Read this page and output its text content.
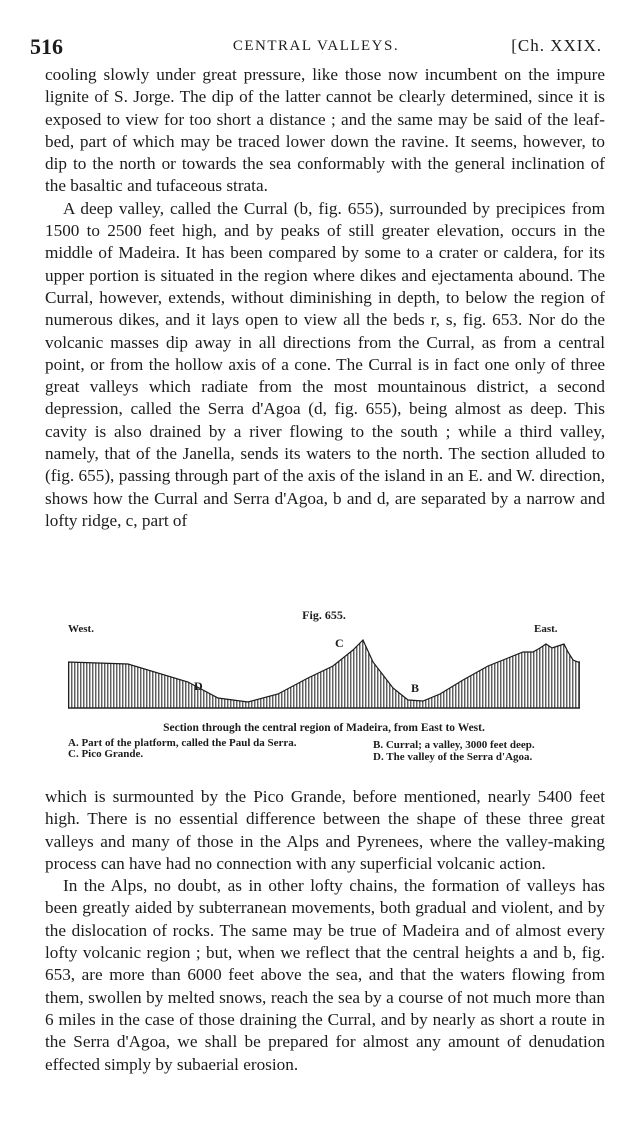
516	CENTRAL VALLEYS.	[Ch. XXIX.

cooling slowly under great pressure, like those now incumbent on the impure lignite of S. Jorge. The dip of the latter cannot be clearly determined, since it is exposed to view for too short a distance ; and the same may be said of the leaf-bed, part of which may be traced lower down the ravine. It seems, however, to dip to the north or towards the sea conformably with the general inclination of the basaltic and tufaceous strata.

A deep valley, called the Curral (b, fig. 655), surrounded by precipices from 1500 to 2500 feet high, and by peaks of still greater elevation, occurs in the middle of Madeira. It has been compared by some to a crater or caldera, for its upper portion is situated in the region where dikes and ejectamenta abound. The Curral, however, extends, without diminishing in depth, to below the region of numerous dikes, and it lays open to view all the beds r, s, fig. 653. Nor do the volcanic masses dip away in all directions from the Curral, as from a central point, or from the hollow axis of a cone. The Curral is in fact one only of three great valleys which radiate from the most mountainous district, a second depression, called the Serra d'Agoa (d, fig. 655), being almost as deep. This cavity is also drained by a river flowing to the south ; while a third valley, namely, that of the Janella, sends its waters to the north. The section alluded to (fig. 655), passing through part of the axis of the island in an E. and W. direction, shows how the Curral and Serra d'Agoa, b and d, are separated by a narrow and lofty ridge, c, part of

Fig. 655.
West.	East.
C
D	B
Section through the central region of Madeira, from East to West.
A. Part of the platform, called the Paul da Serra.
C. Pico Grande.
B. Curral; a valley, 3000 feet deep.
D. The valley of the Serra d'Agoa.

which is surmounted by the Pico Grande, before mentioned, nearly 5400 feet high. There is no essential difference between the shape of these three great valleys and many of those in the Alps and Pyrenees, where the valley-making process can have had no connection with any superficial volcanic action.

In the Alps, no doubt, as in other lofty chains, the formation of valleys has been greatly aided by subterranean movements, both gradual and violent, and by the dislocation of rocks. The same may be true of Madeira and of almost every lofty volcanic region ; but, when we reflect that the central heights a and b, fig. 653, are more than 6000 feet above the sea, and that the waters flowing from them, swollen by melted snows, reach the sea by a course of not much more than 6 miles in the case of those draining the Curral, and by nearly as short a route in the Serra d'Agoa, we shall be prepared for almost any amount of denudation effected simply by subaerial erosion.
